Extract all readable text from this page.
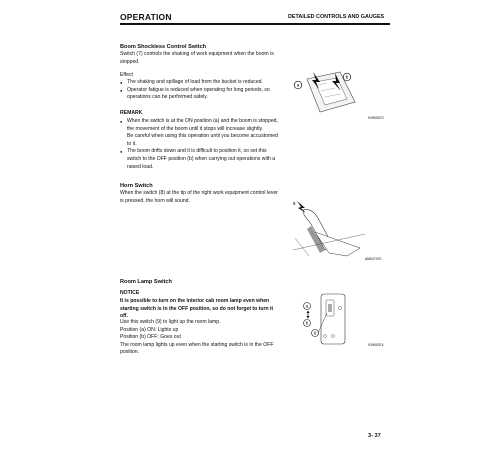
OPERATION	DETAILED CONTROLS AND GAUGES
Boom Shockless Control Switch
Switch (7) controls the shaking of work equipment when the boom is stopped.
Effect
● The shaking and spillage of load from the bucket is reduced.
● Operator fatigue is reduced when operating for long periods, so operations can be performed safely.
REMARK
● When the switch is at the ON position (a) and the boom is stopped, the movement of the boom until it stops will increase slightly.
Be careful when using this operation until you become accustomed to it.
● The boom drifts down and it is difficult to position it, so set this switch to the OFF position (b) when carrying out operations with a raised load.
a
b
9JH00373
Horn Switch
When the switch (8) at the tip of the right work equipment control lever is pressed, the horn will sound.	8
AM027470
Room Lamp Switch
NOTICE
It is possible to turn on the interior cab room lamp even when starting switch is in the OFF position, so do not forget to turn it off.
Use this switch (9) to light up the room lamp.
Position (a) ON: Lights up
Position (b) OFF: Goes out
The room lamp lights up even when the starting switch is in the OFF position.
a
b
9
9JH00374
3- 37
